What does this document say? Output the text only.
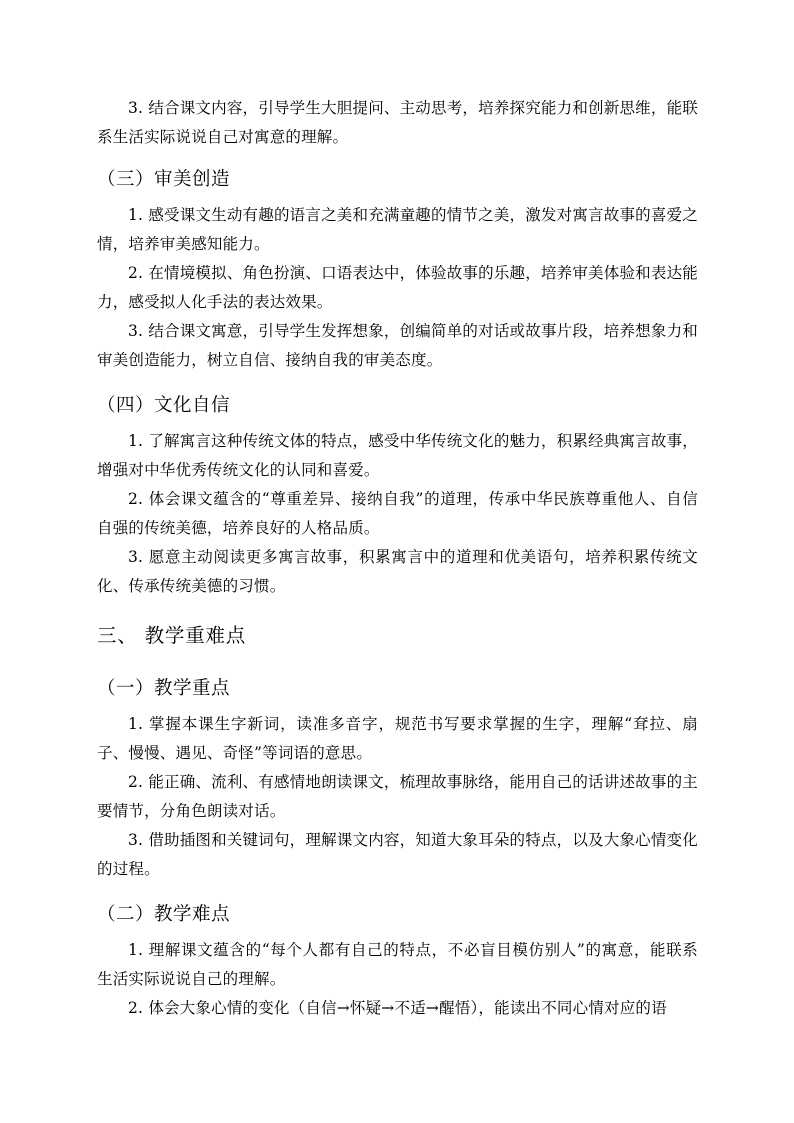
3. 结合课文内容，引导学生大胆提问、主动思考，培养探究能力和创新思维，能联系生活实际说说自己对寓意的理解。

（三）审美创造

1. 感受课文生动有趣的语言之美和充满童趣的情节之美，激发对寓言故事的喜爱之情，培养审美感知能力。

2. 在情境模拟、角色扮演、口语表达中，体验故事的乐趣，培养审美体验和表达能力，感受拟人化手法的表达效果。

3. 结合课文寓意，引导学生发挥想象，创编简单的对话或故事片段，培养想象力和审美创造能力，树立自信、接纳自我的审美态度。

（四）文化自信

1. 了解寓言这种传统文体的特点，感受中华传统文化的魅力，积累经典寓言故事，增强对中华优秀传统文化的认同和喜爱。

2. 体会课文蕴含的“尊重差异、接纳自我”的道理，传承中华民族尊重他人、自信自强的传统美德，培养良好的人格品质。

3. 愿意主动阅读更多寓言故事，积累寓言中的道理和优美语句，培养积累传统文化、传承传统美德的习惯。

三、 教学重难点
（一）教学重点

1. 掌握本课生字新词，读准多音字，规范书写要求掌握的生字，理解“耷拉、扇子、慢慢、遇见、奇怪”等词语的意思。

2. 能正确、流利、有感情地朗读课文，梳理故事脉络，能用自己的话讲述故事的主要情节，分角色朗读对话。

3. 借助插图和关键词句，理解课文内容，知道大象耳朵的特点，以及大象心情变化的过程。

（二）教学难点

1. 理解课文蕴含的“每个人都有自己的特点，不必盲目模仿别人”的寓意，能联系生活实际说说自己的理解。

2. 体会大象心情的变化（自信→怀疑→不适→醒悟），能读出不同心情对应的语
